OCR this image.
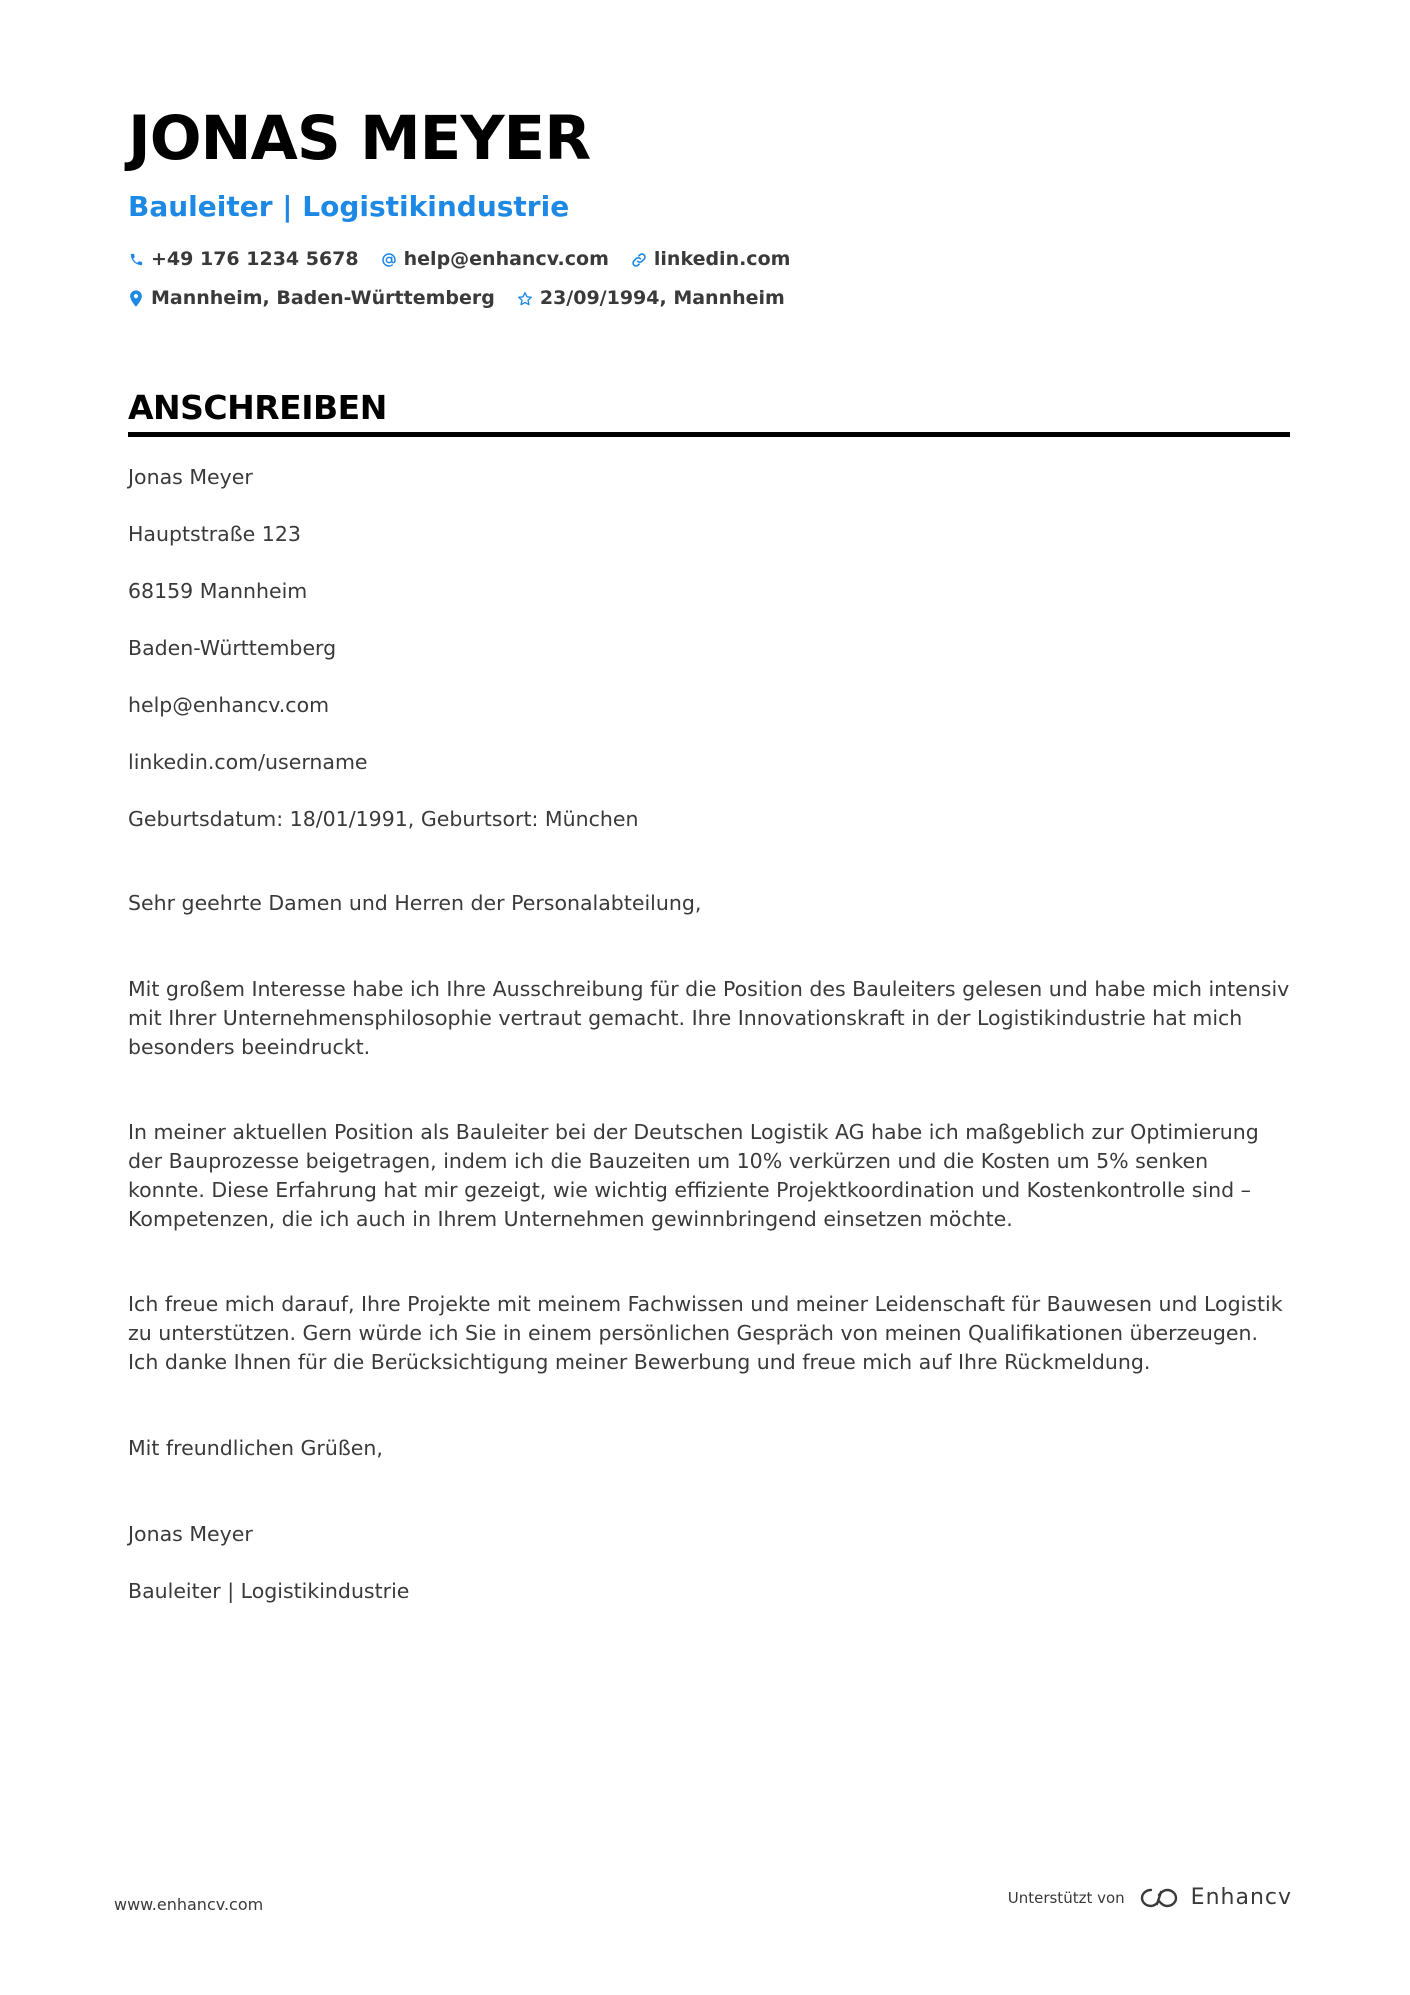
JONAS MEYER
Bauleiter | Logistikindustrie
+49 176 1234 5678 help@enhancv.com linkedin.com
Mannheim, Baden-Württemberg 23/09/1994, Mannheim
ANSCHREIBEN

Jonas Meyer

Hauptstraße 123

68159 Mannheim

Baden-Württemberg

help@enhancv.com

linkedin.com/username

Geburtsdatum: 18/01/1991, Geburtsort: München

Sehr geehrte Damen und Herren der Personalabteilung,

Mit großem Interesse habe ich Ihre Ausschreibung für die Position des Bauleiters gelesen und habe mich intensiv mit Ihrer Unternehmensphilosophie vertraut gemacht. Ihre Innovationskraft in der Logistikindustrie hat mich besonders beeindruckt.

In meiner aktuellen Position als Bauleiter bei der Deutschen Logistik AG habe ich maßgeblich zur Optimierung der Bauprozesse beigetragen, indem ich die Bauzeiten um 10% verkürzen und die Kosten um 5% senken konnte. Diese Erfahrung hat mir gezeigt, wie wichtig effiziente Projektkoordination und Kostenkontrolle sind – Kompetenzen, die ich auch in Ihrem Unternehmen gewinnbringend einsetzen möchte.

Ich freue mich darauf, Ihre Projekte mit meinem Fachwissen und meiner Leidenschaft für Bauwesen und Logistik zu unterstützen. Gern würde ich Sie in einem persönlichen Gespräch von meinen Qualifikationen überzeugen. Ich danke Ihnen für die Berücksichtigung meiner Bewerbung und freue mich auf Ihre Rückmeldung.

Mit freundlichen Grüßen,

Jonas Meyer

Bauleiter | Logistikindustrie

www.enhancv.com	Unterstützt von	Enhancv
